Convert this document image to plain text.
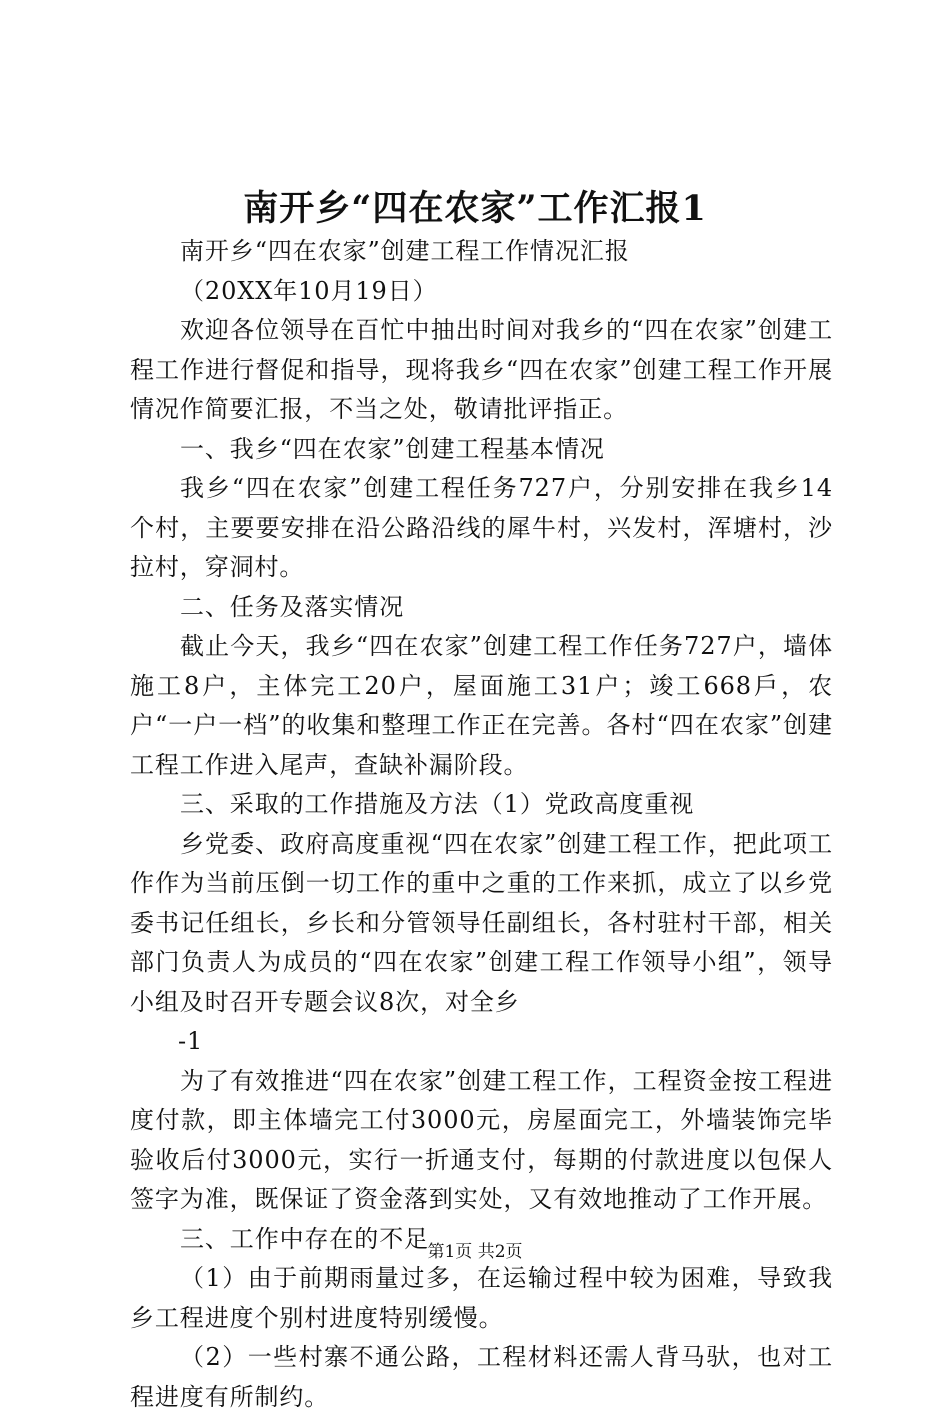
南开乡“四在农家”工作汇报1

南开乡“四在农家”创建工程工作情况汇报

（20XX年10月19日）

欢迎各位领导在百忙中抽出时间对我乡的“四在农家”创建工程工作进行督促和指导，现将我乡“四在农家”创建工程工作开展情况作简要汇报，不当之处，敬请批评指正。

一、我乡“四在农家”创建工程基本情况

我乡“四在农家”创建工程任务727户，分别安排在我乡14个村，主要要安排在沿公路沿线的犀牛村，兴发村，浑塘村，沙拉村，穿洞村。

二、任务及落实情况

截止今天，我乡“四在农家”创建工程工作任务727户，墙体施工8户，主体完工20户，屋面施工31户；竣工668戶，农户“一户一档”的收集和整理工作正在完善。各村“四在农家”创建工程工作进入尾声，查缺补漏阶段。

三、采取的工作措施及方法（1）党政高度重视

乡党委、政府高度重视“四在农家”创建工程工作，把此项工作作为当前压倒一切工作的重中之重的工作来抓，成立了以乡党委书记任组长，乡长和分管领导任副组长，各村驻村干部，相关部门负责人为成员的“四在农家”创建工程工作领导小组”，领导小组及时召开专题会议8次，对全乡

-1

为了有效推进“四在农家”创建工程工作，工程资金按工程进度付款，即主体墙完工付3000元，房屋面完工，外墙装饰完毕验收后付3000元，实行一折通支付，每期的付款进度以包保人签字为准，既保证了资金落到实处，又有效地推动了工作开展。

三、工作中存在的不足

（1）由于前期雨量过多，在运输过程中较为困难，导致我乡工程进度个别村进度特别缓慢。

（2）一些村寨不通公路，工程材料还需人背马驮，也对工程进度有所制约。

第1页 共2页
